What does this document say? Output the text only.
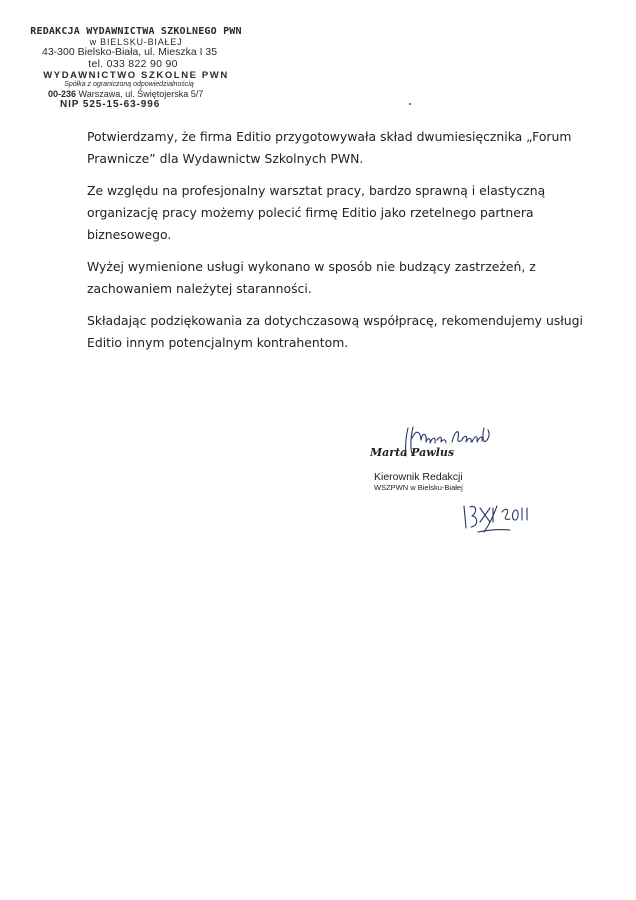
REDAKCJA WYDAWNICTWA SZKOLNEGO PWN
w BIELSKU-BIAŁEJ
43-300 Bielsko-Biała, ul. Mieszka I 35
tel. 033 822 90 90
WYDAWNICTWO SZKOLNE PWN
Spółka z ograniczoną odpowiedzialnością
00-236 Warszawa, ul. Świętojerska 5/7
NIP 525-15-63-996

Potwierdzamy, że firma Editio przygotowywała skład dwumiesięcznika „Forum Prawnicze” dla Wydawnictw Szkolnych PWN.

Ze względu na profesjonalny warsztat pracy, bardzo sprawną i elastyczną organizację pracy możemy polecić firmę Editio jako rzetelnego partnera biznesowego.

Wyżej wymienione usługi wykonano w sposób nie budzący zastrzeżeń, z zachowaniem należytej staranności.

Składając podziękowania za dotychczasową współpracę, rekomendujemy usługi Editio innym potencjalnym kontrahentom.

Marta Pawlus
Kierownik Redakcji
WSZPWN w Bielsku-Białej
